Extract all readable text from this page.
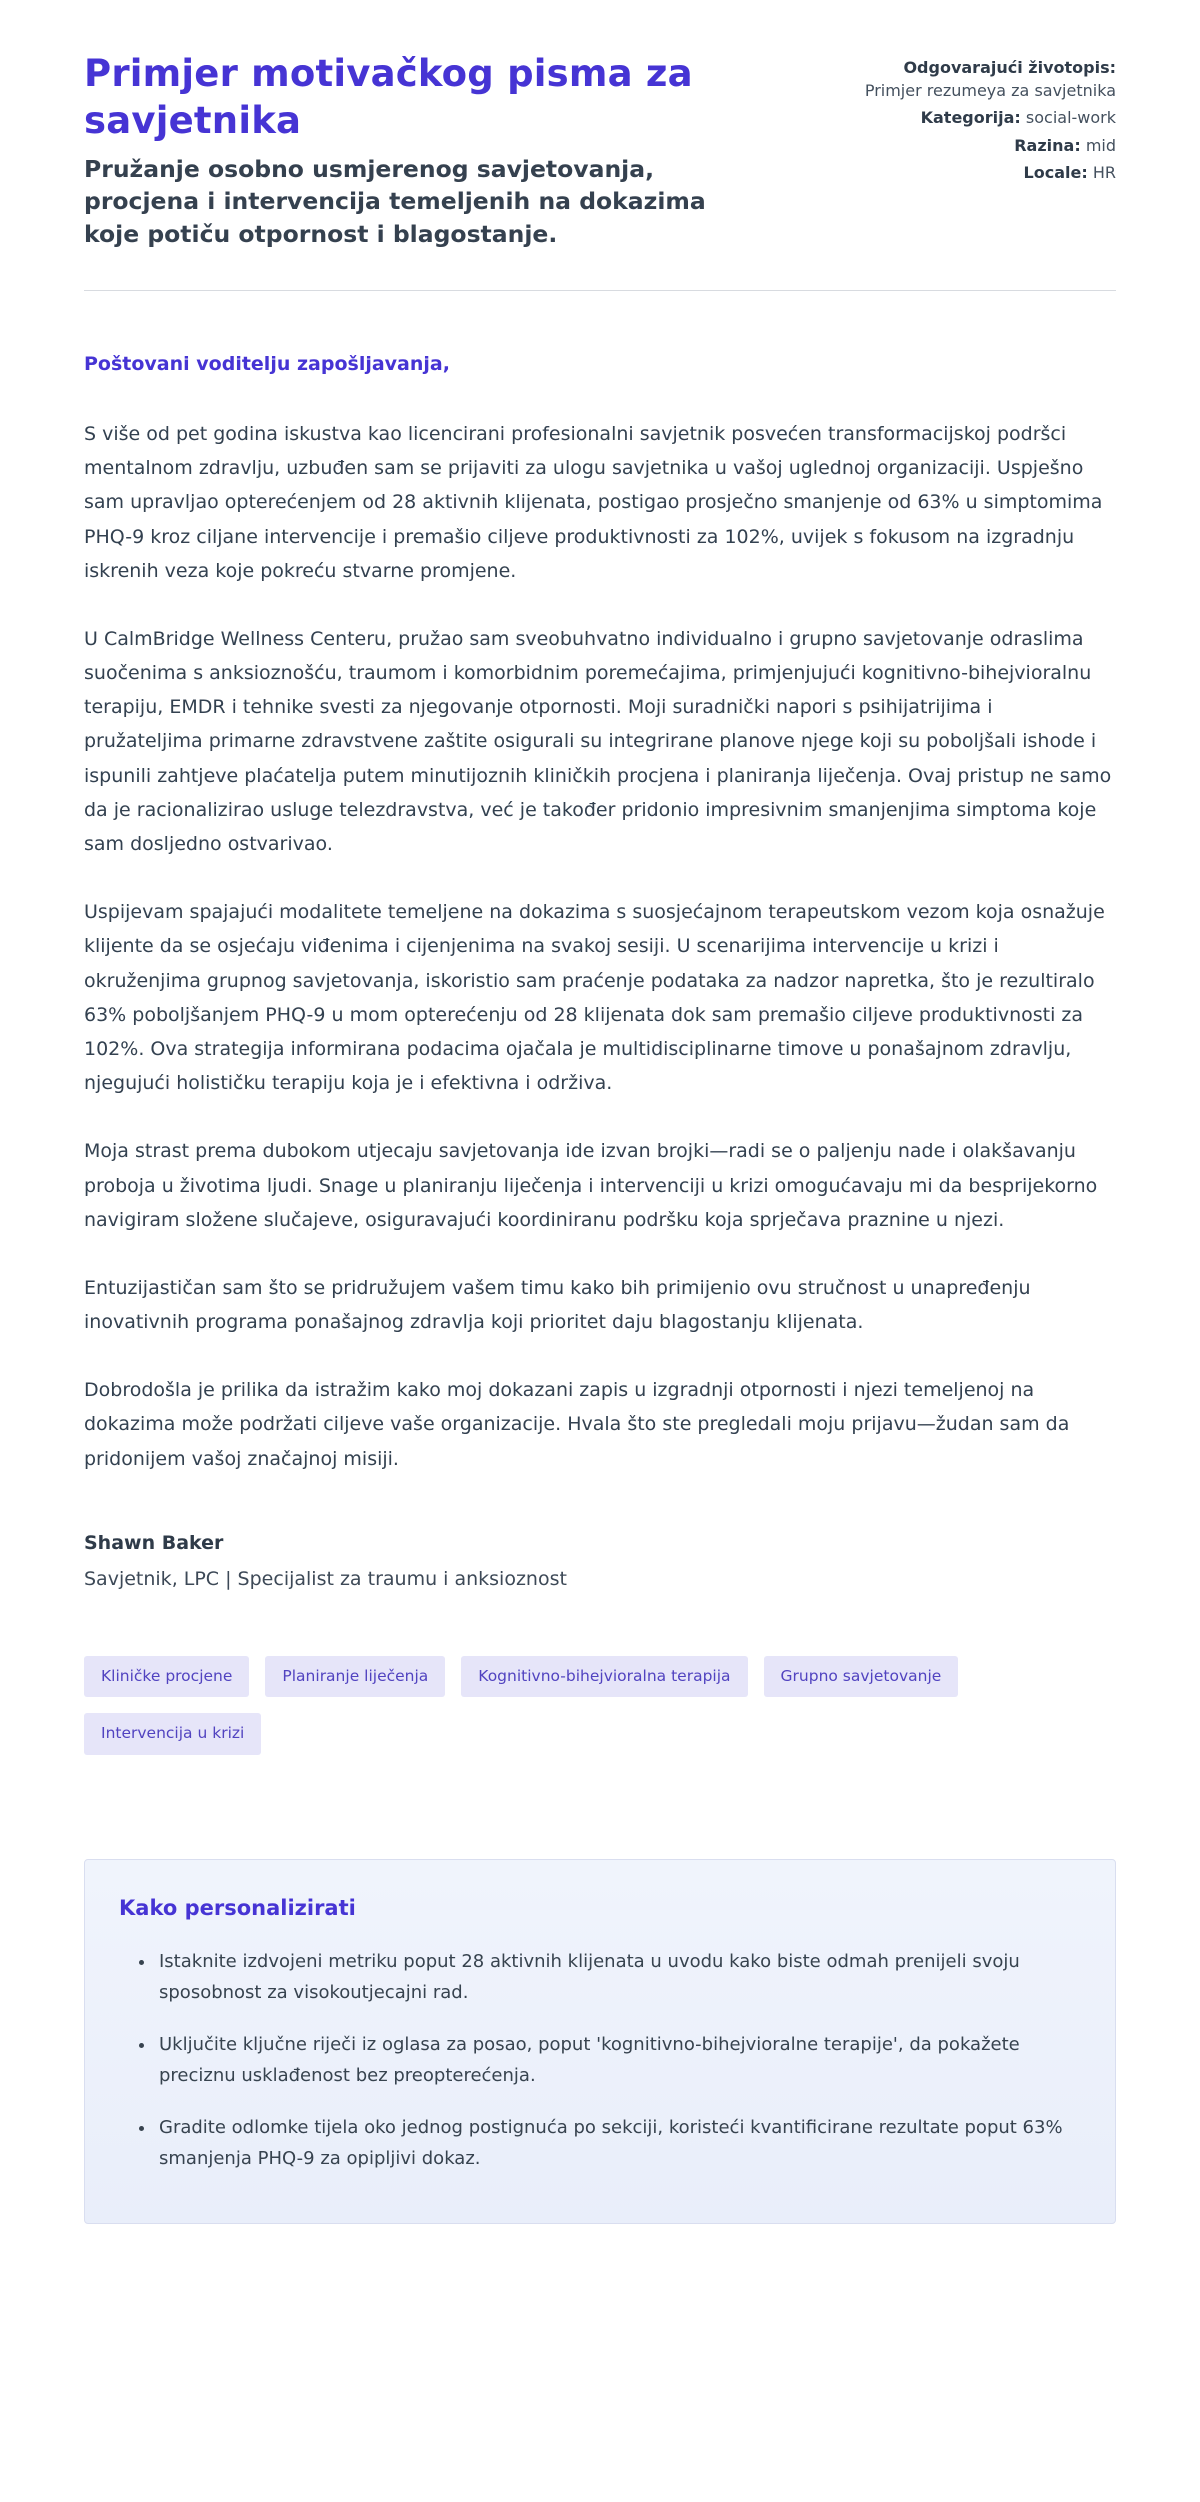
Primjer motivačkog pisma za savjetnika

Pružanje osobno usmjerenog savjetovanja, procjena i intervencija temeljenih na dokazima koje potiču otpornost i blagostanje.

Odgovarajući životopis: Primjer rezumeya za savjetnika
Kategorija: social-work
Razina: mid
Locale: HR

Poštovani voditelju zapošljavanja,

S više od pet godina iskustva kao licencirani profesionalni savjetnik posvećen transformacijskoj podršci mentalnom zdravlju, uzbuđen sam se prijaviti za ulogu savjetnika u vašoj uglednoj organizaciji. Uspješno sam upravljao opterećenjem od 28 aktivnih klijenata, postigao prosječno smanjenje od 63% u simptomima PHQ-9 kroz ciljane intervencije i premašio ciljeve produktivnosti za 102%, uvijek s fokusom na izgradnju iskrenih veza koje pokreću stvarne promjene.

U CalmBridge Wellness Centeru, pružao sam sveobuhvatno individualno i grupno savjetovanje odraslima suočenima s anksioznošću, traumom i komorbidnim poremećajima, primjenjujući kognitivno-bihejvioralnu terapiju, EMDR i tehnike svesti za njegovanje otpornosti. Moji suradnički napori s psihijatrijima i pružateljima primarne zdravstvene zaštite osigurali su integrirane planove njege koji su poboljšali ishode i ispunili zahtjeve plaćatelja putem minutijoznih kliničkih procjena i planiranja liječenja. Ovaj pristup ne samo da je racionalizirao usluge telezdravstva, već je također pridonio impresivnim smanjenjima simptoma koje sam dosljedno ostvarivao.

Uspijevam spajajući modalitete temeljene na dokazima s suosjećajnom terapeutskom vezom koja osnažuje klijente da se osjećaju viđenima i cijenjenima na svakoj sesiji. U scenarijima intervencije u krizi i okruženjima grupnog savjetovanja, iskoristio sam praćenje podataka za nadzor napretka, što je rezultiralo 63% poboljšanjem PHQ-9 u mom opterećenju od 28 klijenata dok sam premašio ciljeve produktivnosti za 102%. Ova strategija informirana podacima ojačala je multidisciplinarne timove u ponašajnom zdravlju, njegujući holističku terapiju koja je i efektivna i održiva.

Moja strast prema dubokom utjecaju savjetovanja ide izvan brojki—radi se o paljenju nade i olakšavanju proboja u životima ljudi. Snage u planiranju liječenja i intervenciji u krizi omogućavaju mi da besprijekorno navigiram složene slučajeve, osiguravajući koordiniranu podršku koja sprječava praznine u njezi.

Entuzijastičan sam što se pridružujem vašem timu kako bih primijenio ovu stručnost u unapređenju inovativnih programa ponašajnog zdravlja koji prioritet daju blagostanju klijenata.

Dobrodošla je prilika da istražim kako moj dokazani zapis u izgradnji otpornosti i njezi temeljenoj na dokazima može podržati ciljeve vaše organizacije. Hvala što ste pregledali moju prijavu—žudan sam da pridonijem vašoj značajnoj misiji.

Shawn Baker

Savjetnik, LPC | Specijalist za traumu i anksioznost

Kliničke procjene	Planiranje liječenja	Kognitivno-bihejvioralna terapija	Grupno savjetovanje
Intervencija u krizi
Kako personalizirati
• Istaknite izdvojeni metriku poput 28 aktivnih klijenata u uvodu kako biste odmah prenijeli svoju sposobnost za visokoutjecajni rad.
• Uključite ključne riječi iz oglasa za posao, poput 'kognitivno-bihejvioralne terapije', da pokažete preciznu usklađenost bez preopterećenja.
• Gradite odlomke tijela oko jednog postignuća po sekciji, koristeći kvantificirane rezultate poput 63% smanjenja PHQ-9 za opipljivi dokaz.
